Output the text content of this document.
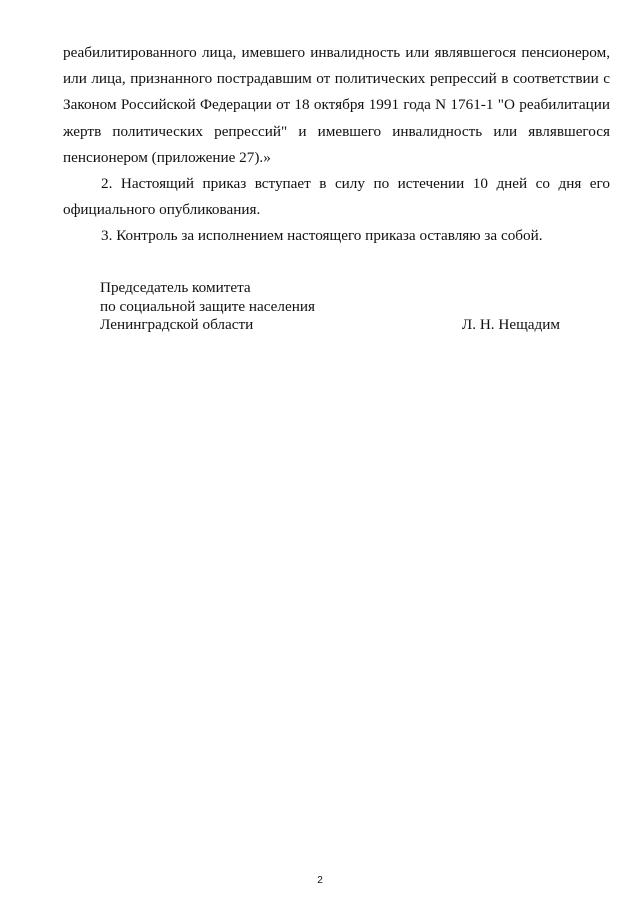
реабилитированного лица, имевшего инвалидность или являвшегося пенсионером, или лица, признанного пострадавшим от политических репрессий в соответствии с Законом Российской Федерации от 18 октября 1991 года N 1761-1 "О реабилитации жертв политических репрессий" и имевшего инвалидность или являвшегося пенсионером (приложение 27).»

2. Настоящий приказ вступает в силу по истечении 10 дней со дня его официального опубликования.

3. Контроль за исполнением настоящего приказа оставляю за собой.

Председатель комитета
по социальной защите населения
Ленинградской области	Л. Н. Нещадим
2
